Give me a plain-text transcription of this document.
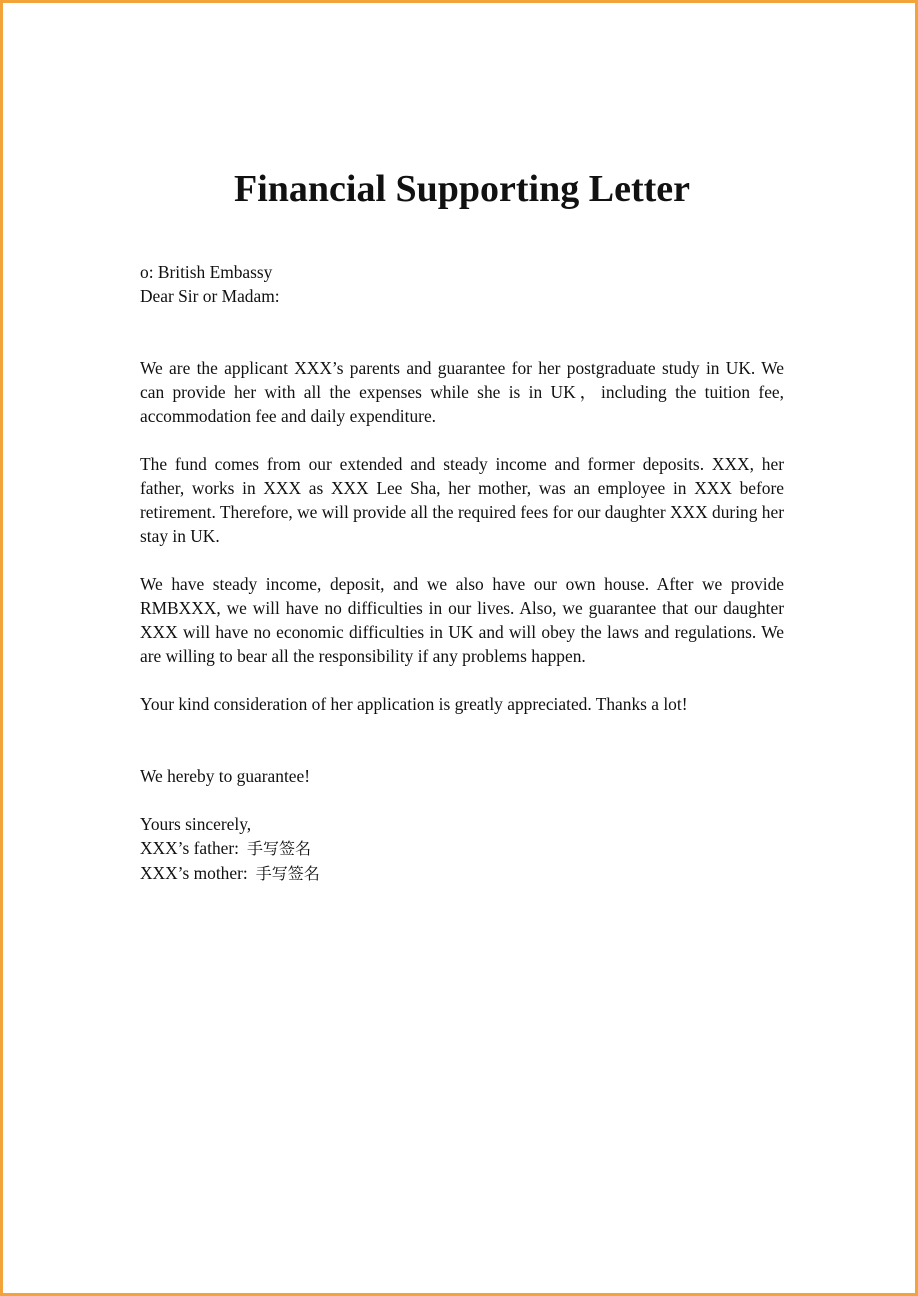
Financial Supporting Letter
o: British Embassy
Dear Sir or Madam:

We are the applicant XXX’s parents and guarantee for her postgraduate study in UK. We can provide her with all the expenses while she is in UK，including the tuition fee, accommodation fee and daily expenditure.

The fund comes from our extended and steady income and former deposits. XXX, her father, works in XXX as XXX Lee Sha, her mother, was an employee in XXX before retirement. Therefore, we will provide all the required fees for our daughter XXX during her stay in UK.

We have steady income, deposit, and we also have our own house. After we provide RMBXXX, we will have no difficulties in our lives. Also, we guarantee that our daughter XXX will have no economic difficulties in UK and will obey the laws and regulations. We are willing to bear all the responsibility if any problems happen.

Your kind consideration of her application is greatly appreciated. Thanks a lot!

We hereby to guarantee!
Yours sincerely,
XXX’s father: 手写签名
XXX’s mother: 手写签名
